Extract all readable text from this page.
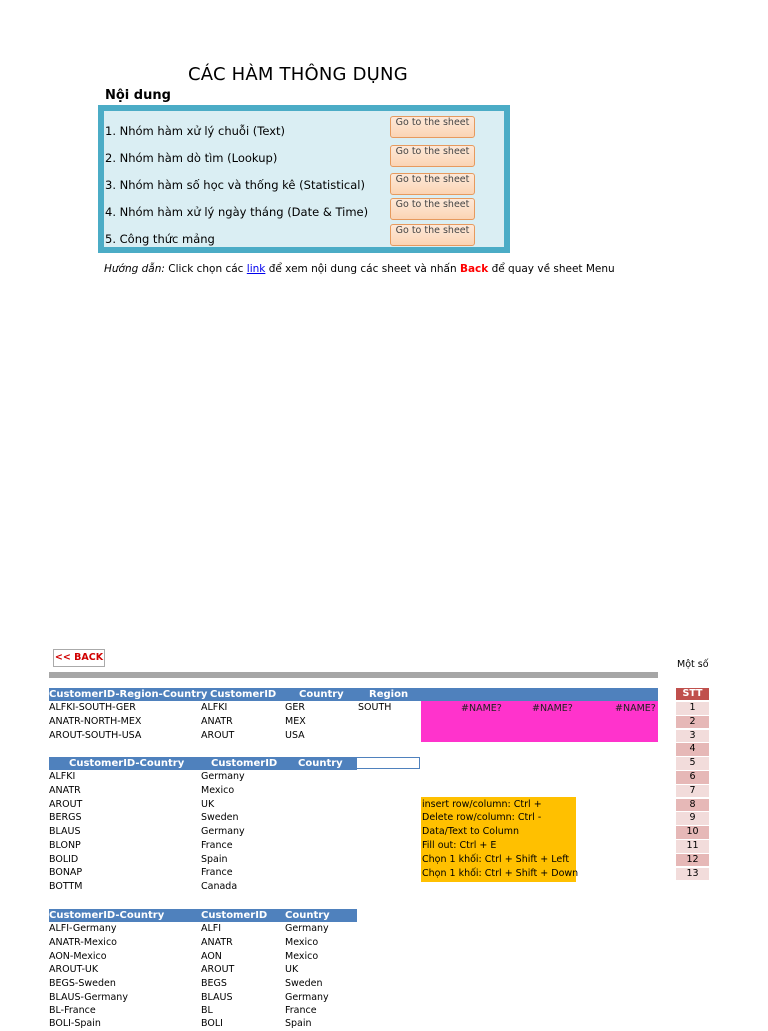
CÁC HÀM THÔNG DỤNG
Nội dung
1. Nhóm hàm xử lý chuỗi (Text)
Go to the sheet
2. Nhóm hàm dò tìm (Lookup)	Go to the sheet
3. Nhóm hàm số học và thống kê (Statistical)	Go to the sheet
4. Nhóm hàm xử lý ngày tháng (Date & Time)
Go to the sheet
5. Công thức mảng
Go to the sheet
Hướng dẫn: Click chọn các link để xem nội dung các sheet và nhấn Back để quay về sheet Menu
<< BACK
Một số
CustomerID-Region-Country CustomerID Country	Region
ALFKI-SOUTH-GER	ALFKI	GER	SOUTH
ANATR-NORTH-MEX	ANATR	MEX
AROUT-SOUTH-USA	AROUT	USA
#NAME?	#NAME?	#NAME?
CustomerID-Country	CustomerID Country
ALFKI	Germany
ANATR	Mexico
AROUT	UK
BERGS	Sweden
BLAUS	Germany
BLONP	France
BOLID	Spain
BONAP	France
BOTTM	Canada
insert row/column: Ctrl +
Delete row/column: Ctrl -
Data/Text to Column
Fill out: Ctrl + E
Chọn 1 khối: Ctrl + Shift + Left
Chọn 1 khối: Ctrl + Shift + Down
STT
1
2
3
4
5
6
7
8
9
10
11
12
13
CustomerID-Country	CustomerID Country
ALFI-Germany	ALFI	Germany
ANATR-Mexico	ANATR	Mexico
AON-Mexico	AON	Mexico
AROUT-UK	AROUT	UK
BEGS-Sweden	BEGS	Sweden
BLAUS-Germany	BLAUS	Germany
BL-France	BL	France
BOLI-Spain	BOLI	Spain
